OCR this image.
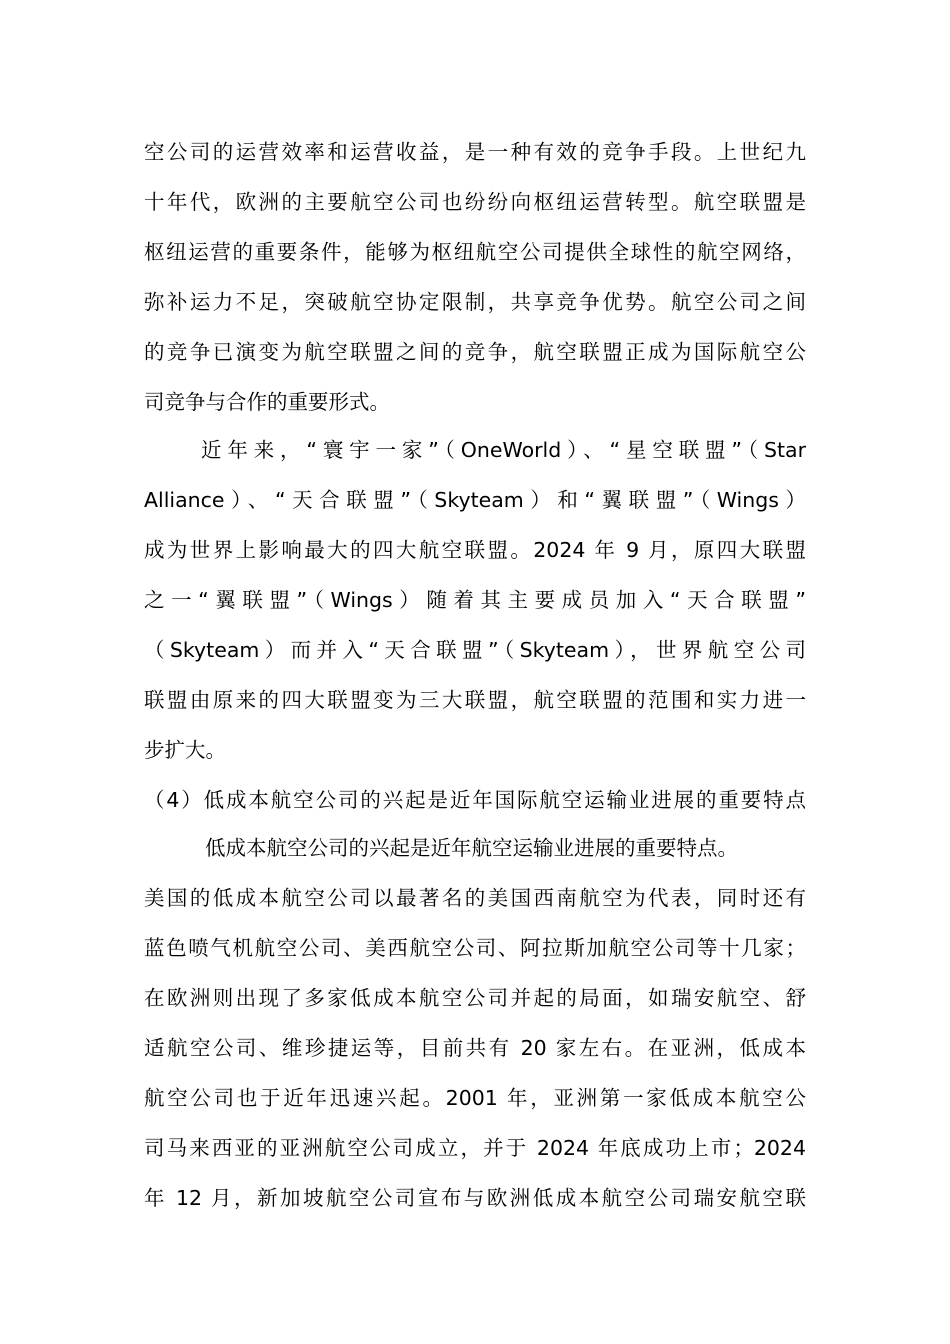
空公司的运营效率和运营收益，是一种有效的竞争手段。上世纪九
十年代，欧洲的主要航空公司也纷纷向枢纽运营转型。航空联盟是
枢纽运营的重要条件，能够为枢纽航空公司提供全球性的航空网络，
弥补运力不足，突破航空协定限制，共享竞争优势。航空公司之间
的竞争已演变为航空联盟之间的竞争，航空联盟正成为国际航空公
司竞争与合作的重要形式。
近年来，“寰宇一家”（OneWorld）、“星空联盟”（Star
Alliance）、“天合联盟”（Skyteam）和“翼联盟”（Wings）
成为世界上影响最大的四大航空联盟。2024 年 9 月，原四大联盟
之一“翼联盟”（Wings）随着其主要成员加入“天合联盟”
（Skyteam）而并入“天合联盟”（Skyteam），世界航空公司
联盟由原来的四大联盟变为三大联盟，航空联盟的范围和实力进一
步扩大。
（4）低成本航空公司的兴起是近年国际航空运输业进展的重要特点
低成本航空公司的兴起是近年航空运输业进展的重要特点。
美国的低成本航空公司以最著名的美国西南航空为代表，同时还有
蓝色喷气机航空公司、美西航空公司、阿拉斯加航空公司等十几家；
在欧洲则出现了多家低成本航空公司并起的局面，如瑞安航空、舒
适航空公司、维珍捷运等，目前共有 20 家左右。在亚洲，低成本
航空公司也于近年迅速兴起。2001 年，亚洲第一家低成本航空公
司马来西亚的亚洲航空公司成立，并于 2024 年底成功上市；2024
年 12 月，新加坡航空公司宣布与欧洲低成本航空公司瑞安航空联
